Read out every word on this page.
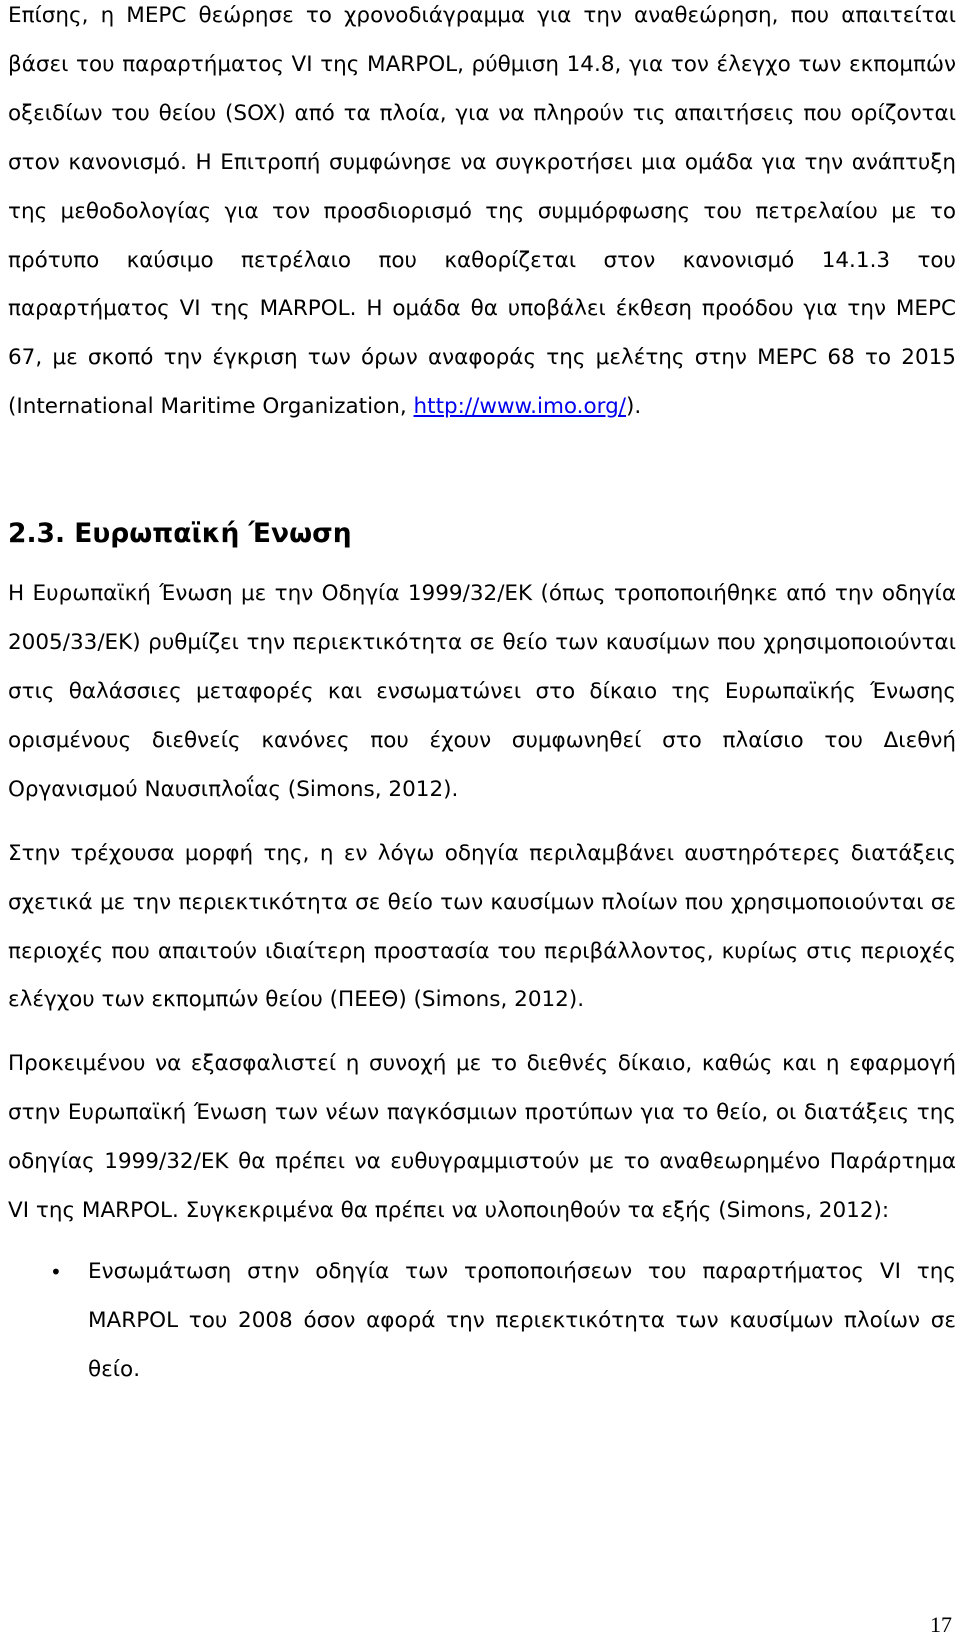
Επίσης, η MEPC θεώρησε το χρονοδιάγραμμα για την αναθεώρηση, που απαιτείται βάσει του παραρτήματος VI της MARPOL, ρύθμιση 14.8, για τον έλεγχο των εκπομπών οξειδίων του θείου (SOX) από τα πλοία, για να πληρούν τις απαιτήσεις που ορίζονται στον κανονισμό. Η Επιτροπή συμφώνησε να συγκροτήσει μια ομάδα για την ανάπτυξη της μεθοδολογίας για τον προσδιορισμό της συμμόρφωσης του πετρελαίου με το πρότυπο καύσιμο πετρέλαιο που καθορίζεται στον κανονισμό 14.1.3 του παραρτήματος VI της MARPOL. Η ομάδα θα υποβάλει έκθεση προόδου για την MEPC 67, με σκοπό την έγκριση των όρων αναφοράς της μελέτης στην MEPC 68 το 2015 (International Maritime Organization, http://www.imo.org/).

2.3. Ευρωπαϊκή Ένωση

Η Ευρωπαϊκή Ένωση με την Οδηγία 1999/32/ΕΚ (όπως τροποποιήθηκε από την οδηγία 2005/33/ΕΚ) ρυθμίζει την περιεκτικότητα σε θείο των καυσίμων που χρησιμοποιούνται στις θαλάσσιες μεταφορές και ενσωματώνει στο δίκαιο της Ευρωπαϊκής Ένωσης ορισμένους διεθνείς κανόνες που έχουν συμφωνηθεί στο πλαίσιο του Διεθνή Οργανισμού Ναυσιπλοΐας (Simons, 2012).

Στην τρέχουσα μορφή της, η εν λόγω οδηγία περιλαμβάνει αυστηρότερες διατάξεις σχετικά με την περιεκτικότητα σε θείο των καυσίμων πλοίων που χρησιμοποιούνται σε περιοχές που απαιτούν ιδιαίτερη προστασία του περιβάλλοντος, κυρίως στις περιοχές ελέγχου των εκπομπών θείου (ΠΕΕΘ) (Simons, 2012).

Προκειμένου να εξασφαλιστεί η συνοχή με το διεθνές δίκαιο, καθώς και η εφαρμογή στην Ευρωπαϊκή Ένωση των νέων παγκόσμιων προτύπων για το θείο, οι διατάξεις της οδηγίας 1999/32/ΕΚ θα πρέπει να ευθυγραμμιστούν με το αναθεωρημένο Παράρτημα VI της MARPOL. Συγκεκριμένα θα πρέπει να υλοποιηθούν τα εξής (Simons, 2012):

• Ενσωμάτωση στην οδηγία των τροποποιήσεων του παραρτήματος VI της MARPOL του 2008 όσον αφορά την περιεκτικότητα των καυσίμων πλοίων σε θείο.
17
